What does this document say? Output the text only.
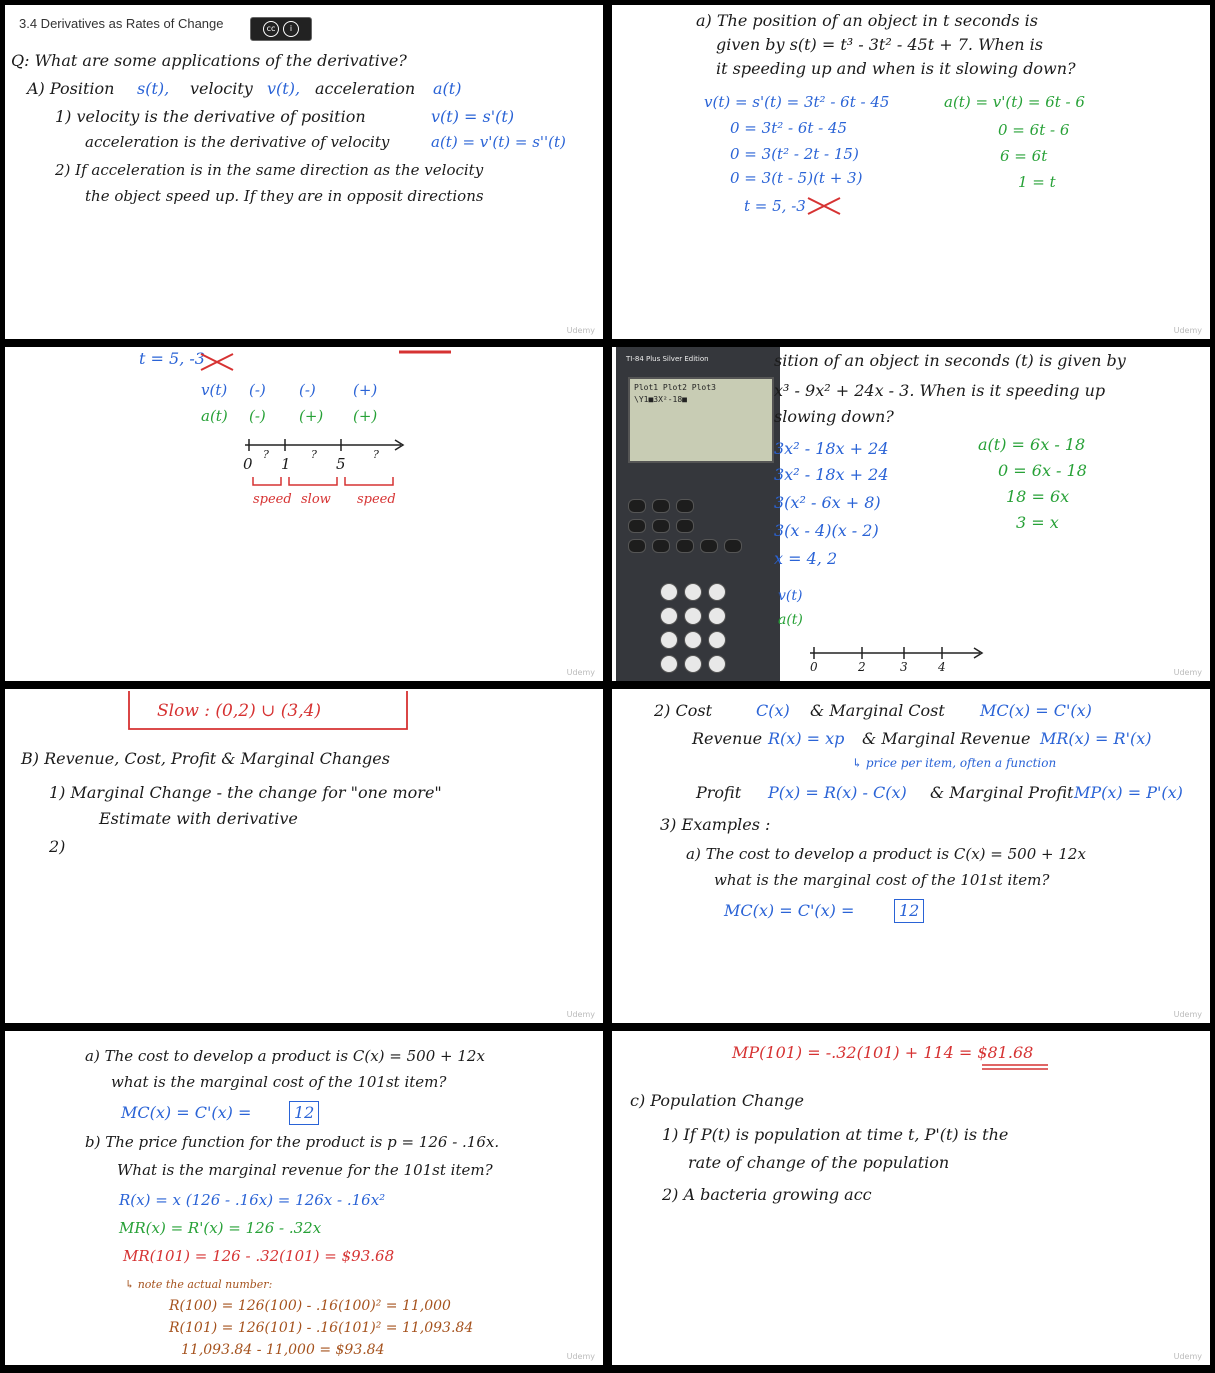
3.4 Derivatives as Rates of Change	cc	i
Q: What are some applications of the derivative?
A) Position s(t), velocity v(t), acceleration a(t)
1) velocity is the derivative of position	v(t) = s'(t)
acceleration is the derivative of velocity	a(t) = v'(t) = s''(t)
2) If acceleration is in the same direction as the velocity
the object speed up. If they are in opposit directions
Udemy
a) The position of an object in t seconds is
given by s(t) = t³ - 3t² - 45t + 7. When is
it speeding up and when is it slowing down?
v(t) = s'(t) = 3t² - 6t - 45
0 = 3t² - 6t - 45
0 = 3(t² - 2t - 15)
0 = 3(t - 5)(t + 3)
t = 5, -3
a(t) = v'(t) = 6t - 6
0 = 6t - 6
6 = 6t
1 = t
Udemy
t = 5, -3
v(t) (-) (-) (+)
a(t) (-) (+) (+)
0
?
1
?
5
?
speed slow speed
Udemy
TI-84 Plus Silver Edition
Plot1 Plot2 Plot3
\Y1■3X²-18■
sition of an object in seconds (t) is given by
x³ - 9x² + 24x - 3. When is it speeding up
slowing down?
3x² - 18x + 24
3x² - 18x + 24
3(x² - 6x + 8)
3(x - 4)(x - 2)
x = 4, 2
a(t) = 6x - 18
0 = 6x - 18
18 = 6x
3 = x
v(t)
a(t)
0	2	3	4	Udemy
Slow : (0,2) ∪ (3,4)
B) Revenue, Cost, Profit & Marginal Changes
1) Marginal Change - the change for "one more"
Estimate with derivative
2)
Udemy
2) Cost	C(x) & Marginal Cost MC(x) = C'(x)
Revenue R(x) = xp & Marginal Revenue MR(x) = R'(x)
↳ price per item, often a function
Profit P(x) = R(x) - C(x) & Marginal Profit MP(x) = P'(x)
3) Examples :
a) The cost to develop a product is C(x) = 500 + 12x
what is the marginal cost of the 101st item?
MC(x) = C'(x) =	12
Udemy
a) The cost to develop a product is C(x) = 500 + 12x
what is the marginal cost of the 101st item?
MC(x) = C'(x) =	12
b) The price function for the product is p = 126 - .16x.
What is the marginal revenue for the 101st item?
R(x) = x (126 - .16x) = 126x - .16x²
MR(x) = R'(x) = 126 - .32x
MR(101) = 126 - .32(101) = $93.68
↳ note the actual number:
R(100) = 126(100) - .16(100)² = 11,000
R(101) = 126(101) - .16(101)² = 11,093.84
11,093.84 - 11,000 = $93.84	Udemy
MP(101) = -.32(101) + 114 = $81.68
c) Population Change
1) If P(t) is population at time t, P'(t) is the
rate of change of the population
2) A bacteria growing acc
Udemy
